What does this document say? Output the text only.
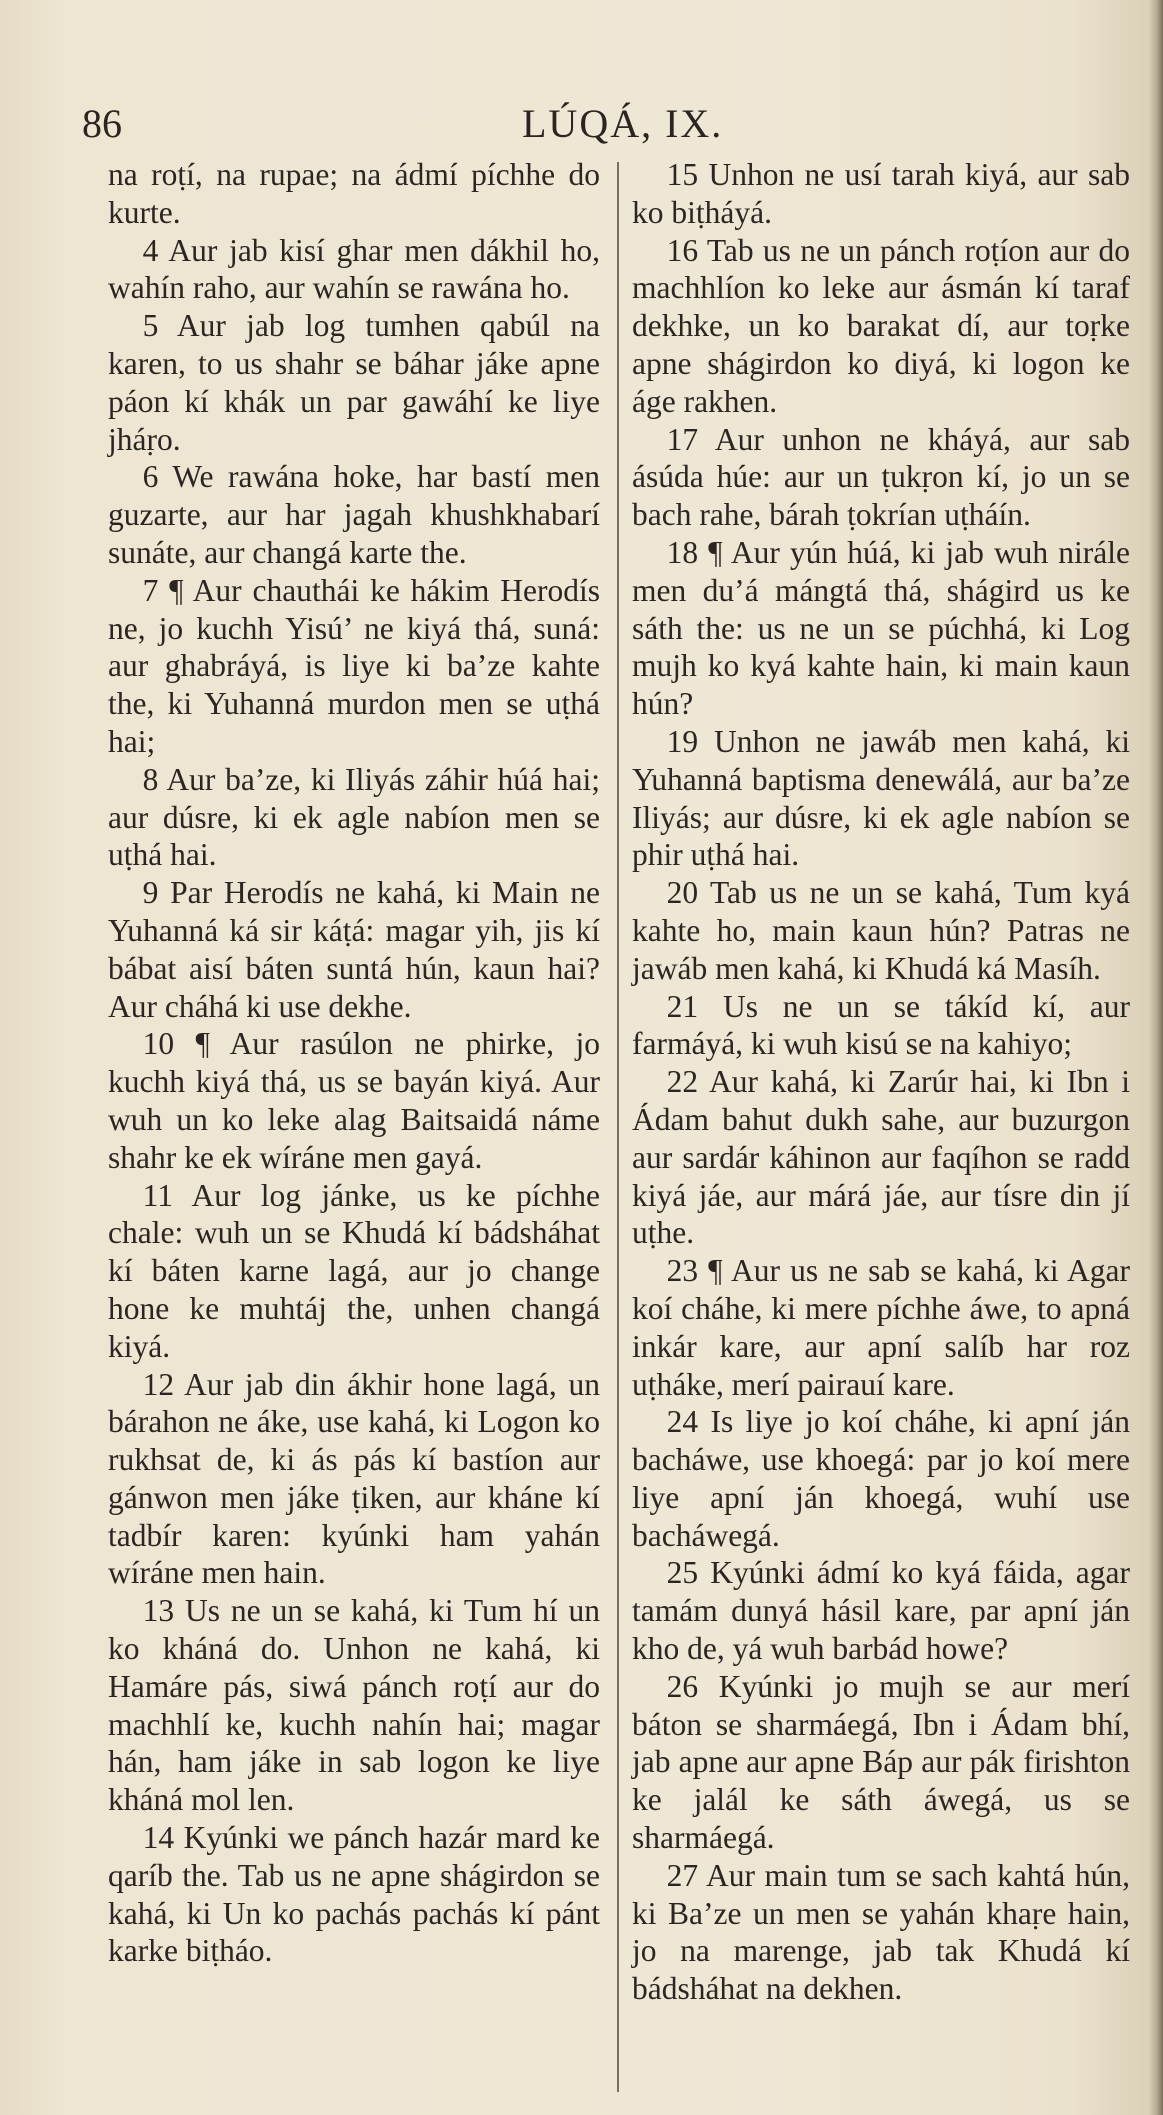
86	LÚQÁ, IX.

na roṭí, na rupae; na ádmí píchhe do kurte.

4 Aur jab kisí ghar men dákhil ho, wahín raho, aur wahín se rawána ho.

5 Aur jab log tumhen qabúl na karen, to us shahr se báhar jáke apne páon kí khák un par gawáhí ke liye jháṛo.

6 We rawána hoke, har bastí men guzarte, aur har jagah khushkhabarí sunáte, aur changá karte the.

7 ¶ Aur chauthái ke hákim Herodís ne, jo kuchh Yisú’ ne kiyá thá, suná: aur ghabráyá, is liye ki ba’ze kahte the, ki Yuhanná murdon men se uṭhá hai;

8 Aur ba’ze, ki Iliyás záhir húá hai; aur dúsre, ki ek agle nabíon men se uṭhá hai.

9 Par Herodís ne kahá, ki Main ne Yuhanná ká sir káṭá: magar yih, jis kí bábat aisí báten suntá hún, kaun hai? Aur cháhá ki use dekhe.

10 ¶ Aur rasúlon ne phirke, jo kuchh kiyá thá, us se bayán kiyá. Aur wuh un ko leke alag Baitsaidá náme shahr ke ek wíráne men gayá.

11 Aur log jánke, us ke píchhe chale: wuh un se Khudá kí bádsháhat kí báten karne lagá, aur jo change hone ke muhtáj the, unhen changá kiyá.

12 Aur jab din ákhir hone lagá, un bárahon ne áke, use kahá, ki Logon ko rukhsat de, ki ás pás kí bastíon aur gánwon men jáke ṭiken, aur kháne kí tadbír karen: kyúnki ham yahán wíráne men hain.

13 Us ne un se kahá, ki Tum hí un ko kháná do. Unhon ne kahá, ki Hamáre pás, siwá pánch roṭí aur do machhlí ke, kuchh nahín hai; magar hán, ham jáke in sab logon ke liye kháná mol len.

14 Kyúnki we pánch hazár mard ke qaríb the. Tab us ne apne shágirdon se kahá, ki Un ko pachás pachás kí pánt karke biṭháo.

15 Unhon ne usí tarah kiyá, aur sab ko biṭháyá.

16 Tab us ne un pánch roṭíon aur do machhlíon ko leke aur ásmán kí taraf dekhke, un ko barakat dí, aur toṛke apne shágirdon ko diyá, ki logon ke áge rakhen.

17 Aur unhon ne kháyá, aur sab ásúda húe: aur un ṭukṛon kí, jo un se bach rahe, bárah ṭokrían uṭháín.

18 ¶ Aur yún húá, ki jab wuh nirále men du’á mángtá thá, shágird us ke sáth the: us ne un se púchhá, ki Log mujh ko kyá kahte hain, ki main kaun hún?

19 Unhon ne jawáb men kahá, ki Yuhanná baptisma denewálá, aur ba’ze Iliyás; aur dúsre, ki ek agle nabíon se phir uṭhá hai.

20 Tab us ne un se kahá, Tum kyá kahte ho, main kaun hún? Patras ne jawáb men kahá, ki Khudá ká Masíh.

21 Us ne un se tákíd kí, aur farmáyá, ki wuh kisú se na kahiyo;

22 Aur kahá, ki Zarúr hai, ki Ibn i Ádam bahut dukh sahe, aur buzurgon aur sardár káhinon aur faqíhon se radd kiyá jáe, aur márá jáe, aur tísre din jí uṭhe.

23 ¶ Aur us ne sab se kahá, ki Agar koí cháhe, ki mere píchhe áwe, to apná inkár kare, aur apní salíb har roz uṭháke, merí pairauí kare.

24 Is liye jo koí cháhe, ki apní ján bacháwe, use khoegá: par jo koí mere liye apní ján khoegá, wuhí use bacháwegá.

25 Kyúnki ádmí ko kyá fáida, agar tamám dunyá hásil kare, par apní ján kho de, yá wuh barbád howe?

26 Kyúnki jo mujh se aur merí báton se sharmáegá, Ibn i Ádam bhí, jab apne aur apne Báp aur pák firishton ke jalál ke sáth áwegá, us se sharmáegá.

27 Aur main tum se sach kahtá hún, ki Ba’ze un men se yahán khaṛe hain, jo na marenge, jab tak Khudá kí bádsháhat na dekhen.
